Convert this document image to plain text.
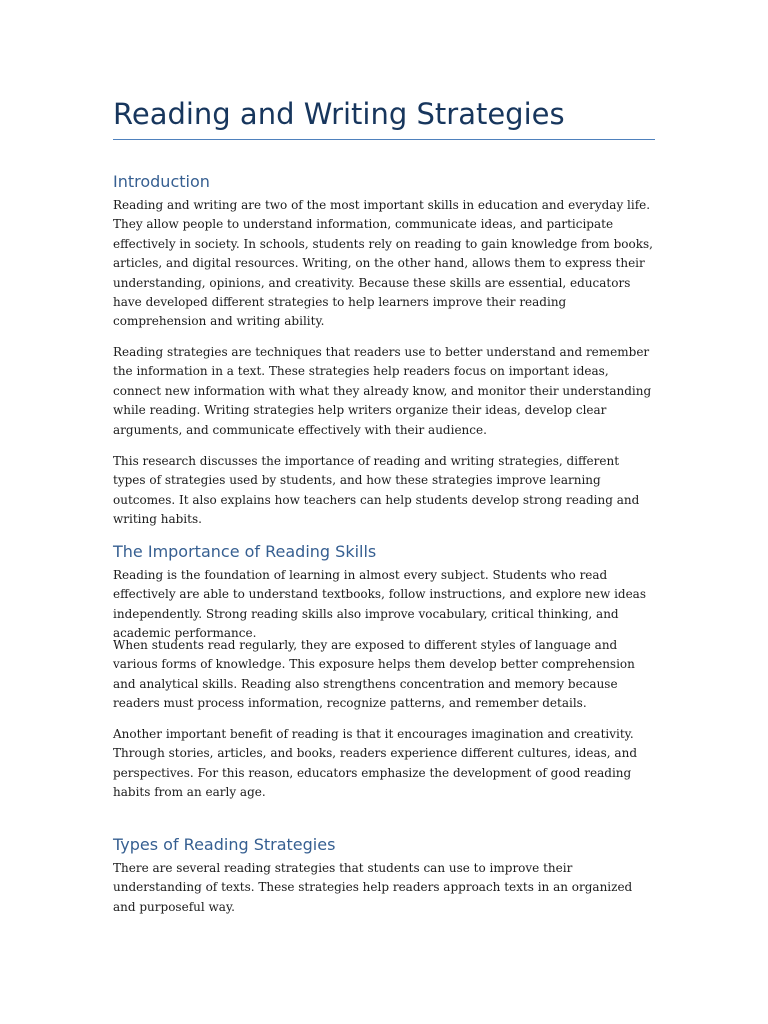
Reading and Writing Strategies
Introduction

Reading and writing are two of the most important skills in education and everyday life. They allow people to understand information, communicate ideas, and participate effectively in society. In schools, students rely on reading to gain knowledge from books, articles, and digital resources. Writing, on the other hand, allows them to express their understanding, opinions, and creativity. Because these skills are essential, educators have developed different strategies to help learners improve their reading comprehension and writing ability.

Reading strategies are techniques that readers use to better understand and remember the information in a text. These strategies help readers focus on important ideas, connect new information with what they already know, and monitor their understanding while reading. Writing strategies help writers organize their ideas, develop clear arguments, and communicate effectively with their audience.

This research discusses the importance of reading and writing strategies, different types of strategies used by students, and how these strategies improve learning outcomes. It also explains how teachers can help students develop strong reading and writing habits.

The Importance of Reading Skills

Reading is the foundation of learning in almost every subject. Students who read effectively are able to understand textbooks, follow instructions, and explore new ideas independently. Strong reading skills also improve vocabulary, critical thinking, and academic performance.

When students read regularly, they are exposed to different styles of language and various forms of knowledge. This exposure helps them develop better comprehension and analytical skills. Reading also strengthens concentration and memory because readers must process information, recognize patterns, and remember details.

Another important benefit of reading is that it encourages imagination and creativity. Through stories, articles, and books, readers experience different cultures, ideas, and perspectives. For this reason, educators emphasize the development of good reading habits from an early age.

Types of Reading Strategies

There are several reading strategies that students can use to improve their understanding of texts. These strategies help readers approach texts in an organized and purposeful way.
